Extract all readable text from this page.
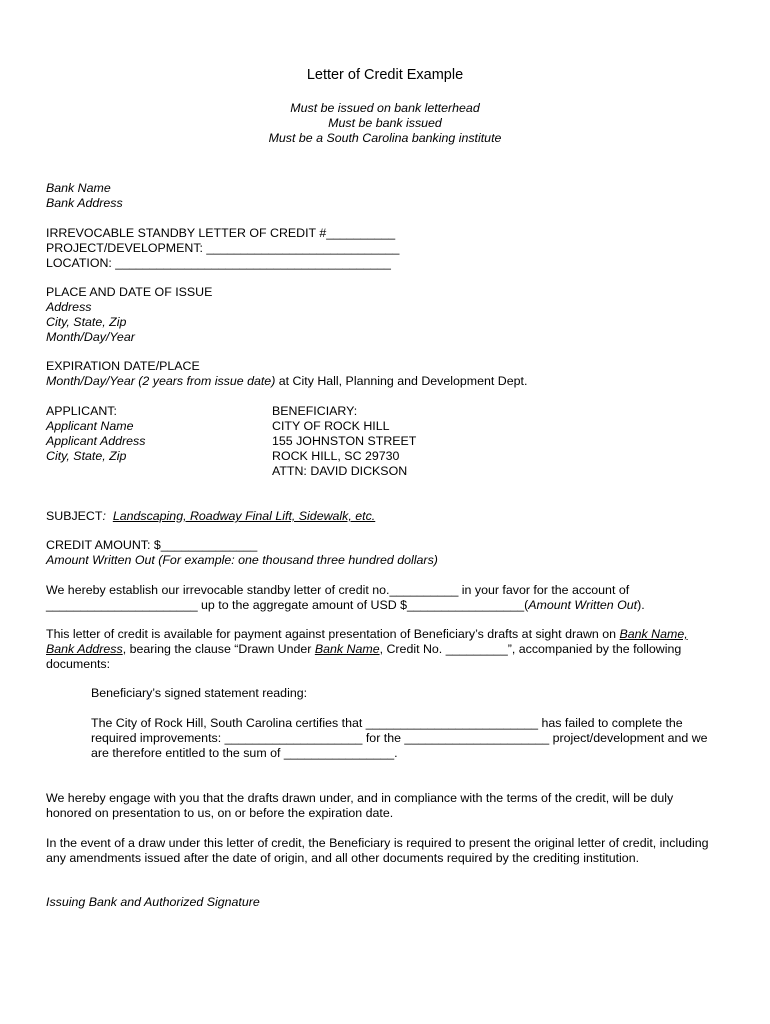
Letter of Credit Example
Must be issued on bank letterhead
Must be bank issued
Must be a South Carolina banking institute
Bank Name
Bank Address
IRREVOCABLE STANDBY LETTER OF CREDIT #__________
PROJECT/DEVELOPMENT: ____________________________
LOCATION: ________________________________________
PLACE AND DATE OF ISSUE
Address
City, State, Zip
Month/Day/Year
EXPIRATION DATE/PLACE
Month/Day/Year (2 years from issue date) at City Hall, Planning and Development Dept.
APPLICANT:
Applicant Name
Applicant Address
City, State, Zip
BENEFICIARY:
CITY OF ROCK HILL
155 JOHNSTON STREET
ROCK HILL, SC 29730
ATTN: DAVID DICKSON
SUBJECT: Landscaping, Roadway Final Lift, Sidewalk, etc.
CREDIT AMOUNT: $______________
Amount Written Out (For example: one thousand three hundred dollars)
We hereby establish our irrevocable standby letter of credit no.__________ in your favor for the account of
______________________ up to the aggregate amount of USD $_________________(Amount Written Out).
This letter of credit is available for payment against presentation of Beneficiary’s drafts at sight drawn on Bank Name,
Bank Address, bearing the clause “Drawn Under Bank Name, Credit No. _________”, accompanied by the following
documents:
Beneficiary’s signed statement reading:
The City of Rock Hill, South Carolina certifies that _________________________ has failed to complete the
required improvements: ____________________ for the _____________________ project/development and we
are therefore entitled to the sum of ________________.
We hereby engage with you that the drafts drawn under, and in compliance with the terms of the credit, will be duly
honored on presentation to us, on or before the expiration date.
In the event of a draw under this letter of credit, the Beneficiary is required to present the original letter of credit, including
any amendments issued after the date of origin, and all other documents required by the crediting institution.
Issuing Bank and Authorized Signature
